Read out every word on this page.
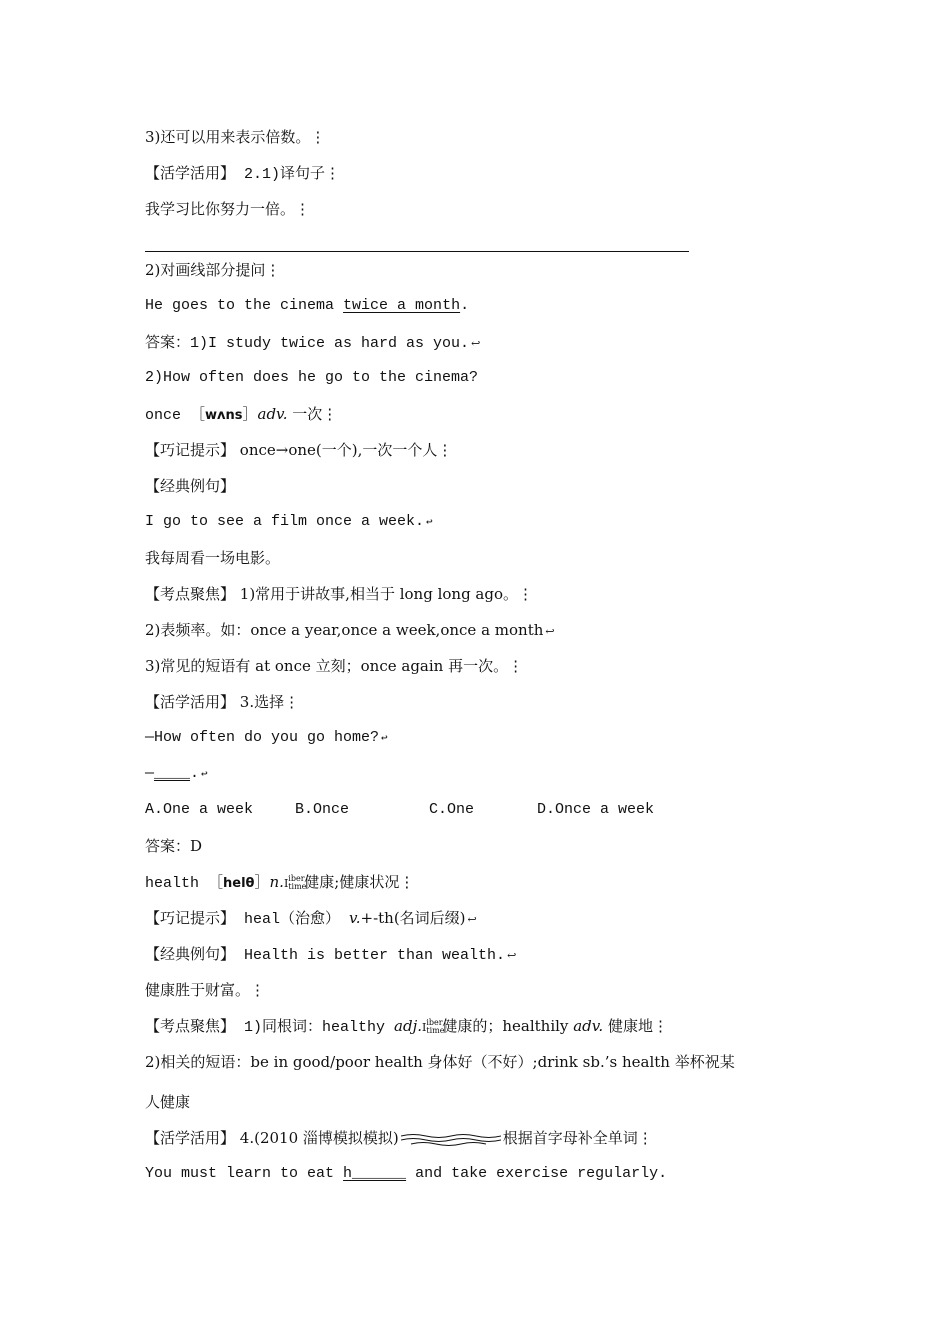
3)还可以用来表示倍数。⋮
【活学活用】 2.1)译句子⋮
我学习比你努力一倍。⋮
2)对画线部分提问⋮
He goes to the cinema twice a month.
答案：1)I study twice as hard as you. ↩
2)How often does he go to the cinema?
once ［wʌns］adv. 一次⋮
【巧记提示】 once→one(一个),一次一个人⋮
【经典例句】
I go to see a film once a week. ↩
我每周看一场电影。
【考点聚焦】 1)常用于讲故事,相当于 long long ago。⋮
2)表频率。如：once a year,once a week,once a month ↩
3)常见的短语有 at once 立刻；once again 再一次。⋮
【活学活用】 3.选择⋮
—How often do you go home? ↩
—____. ↩
A.One a week	B.Once	C.One	D.Once a week
答案：D
health ［helθ］n.Iiber
time健康;健康状况⋮
【巧记提示】 heal（治愈） v.+-th(名词后缀) ↩
【经典例句】 Health is better than wealth. ↩
健康胜于财富。⋮
【考点聚焦】 1)同根词：healthy adj.Iiber
time健康的；healthily adv. 健康地⋮
2)相关的短语：be in good/poor health 身体好（不好）;drink sb.’s health 举杯祝某
人健康
【活学活用】 4.(2010 淄博模拟模拟)	根据首字母补全单词⋮
You must learn to eat h______ and take exercise regularly.
